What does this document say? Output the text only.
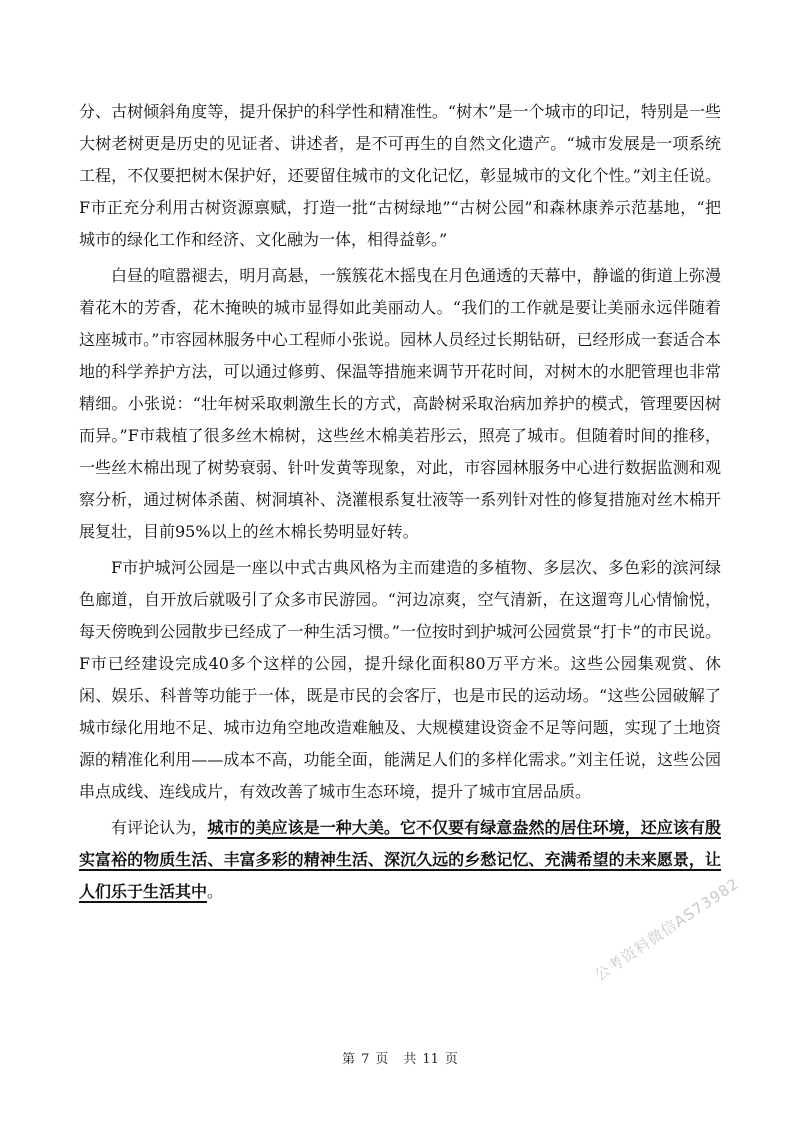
分、古树倾斜角度等，提升保护的科学性和精准性。“树木”是一个城市的印记，特别是一些大树老树更是历史的见证者、讲述者，是不可再生的自然文化遗产。“城市发展是一项系统工程，不仅要把树木保护好，还要留住城市的文化记忆，彰显城市的文化个性。”刘主任说。F市正充分利用古树资源禀赋，打造一批“古树绿地”“古树公园”和森林康养示范基地，“把城市的绿化工作和经济、文化融为一体，相得益彰。”

白昼的喧嚣褪去，明月高悬，一簇簇花木摇曳在月色通透的天幕中，静谧的街道上弥漫着花木的芳香，花木掩映的城市显得如此美丽动人。“我们的工作就是要让美丽永远伴随着这座城市。”市容园林服务中心工程师小张说。园林人员经过长期钻研，已经形成一套适合本地的科学养护方法，可以通过修剪、保温等措施来调节开花时间，对树木的水肥管理也非常精细。小张说：“壮年树采取刺激生长的方式，高龄树采取治病加养护的模式，管理要因树而异。”F市栽植了很多丝木棉树，这些丝木棉美若彤云，照亮了城市。但随着时间的推移，一些丝木棉出现了树势衰弱、针叶发黄等现象，对此，市容园林服务中心进行数据监测和观察分析，通过树体杀菌、树洞填补、浇灌根系复壮液等一系列针对性的修复措施对丝木棉开展复壮，目前95%以上的丝木棉长势明显好转。

F市护城河公园是一座以中式古典风格为主而建造的多植物、多层次、多色彩的滨河绿色廊道，自开放后就吸引了众多市民游园。“河边凉爽，空气清新，在这遛弯儿心情愉悦，每天傍晚到公园散步已经成了一种生活习惯。”一位按时到护城河公园赏景“打卡”的市民说。F市已经建设完成40多个这样的公园，提升绿化面积80万平方米。这些公园集观赏、休闲、娱乐、科普等功能于一体，既是市民的会客厅，也是市民的运动场。“这些公园破解了城市绿化用地不足、城市边角空地改造难触及、大规模建设资金不足等问题，实现了土地资源的精准化利用——成本不高，功能全面，能满足人们的多样化需求。”刘主任说，这些公园串点成线、连线成片，有效改善了城市生态环境，提升了城市宜居品质。

有评论认为，城市的美应该是一种大美。它不仅要有绿意盎然的居住环境，还应该有殷实富裕的物质生活、丰富多彩的精神生活、深沉久远的乡愁记忆、充满希望的未来愿景，让人们乐于生活其中。	公考资料微信AS73982
第 7 页 共 11 页
